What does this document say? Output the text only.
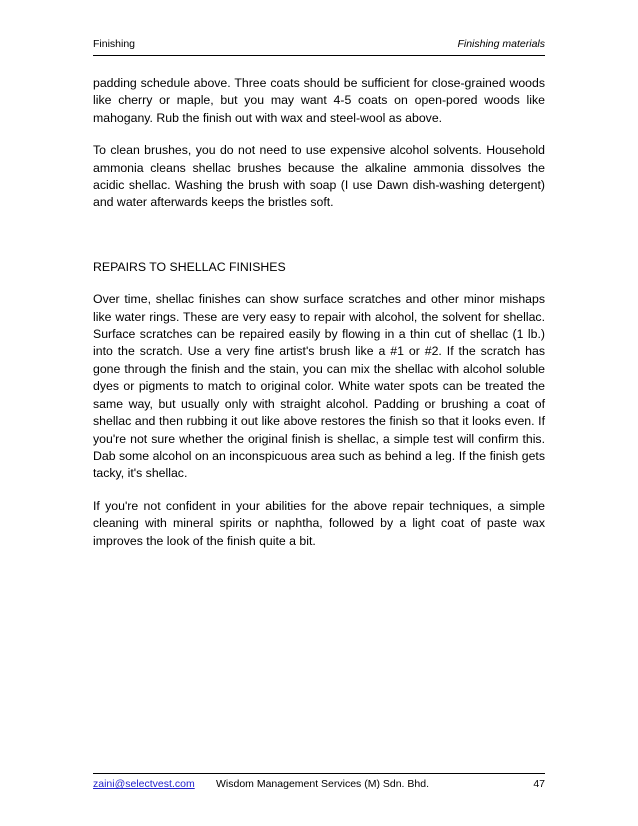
Finishing	Finishing materials

padding schedule above. Three coats should be sufficient for close-grained woods like cherry or maple, but you may want 4-5 coats on open-pored woods like mahogany. Rub the finish out with wax and steel-wool as above.

To clean brushes, you do not need to use expensive alcohol solvents. Household ammonia cleans shellac brushes because the alkaline ammonia dissolves the acidic shellac. Washing the brush with soap (I use Dawn dish-washing detergent) and water afterwards keeps the bristles soft.

REPAIRS TO SHELLAC FINISHES

Over time, shellac finishes can show surface scratches and other minor mishaps like water rings. These are very easy to repair with alcohol, the solvent for shellac. Surface scratches can be repaired easily by flowing in a thin cut of shellac (1 lb.) into the scratch. Use a very fine artist's brush like a #1 or #2. If the scratch has gone through the finish and the stain, you can mix the shellac with alcohol soluble dyes or pigments to match to original color. White water spots can be treated the same way, but usually only with straight alcohol. Padding or brushing a coat of shellac and then rubbing it out like above restores the finish so that it looks even. If you're not sure whether the original finish is shellac, a simple test will confirm this. Dab some alcohol on an inconspicuous area such as behind a leg. If the finish gets tacky, it's shellac.

If you're not confident in your abilities for the above repair techniques, a simple cleaning with mineral spirits or naphtha, followed by a light coat of paste wax improves the look of the finish quite a bit.

zaini@selectvest.com Wisdom Management Services (M) Sdn. Bhd.	47
